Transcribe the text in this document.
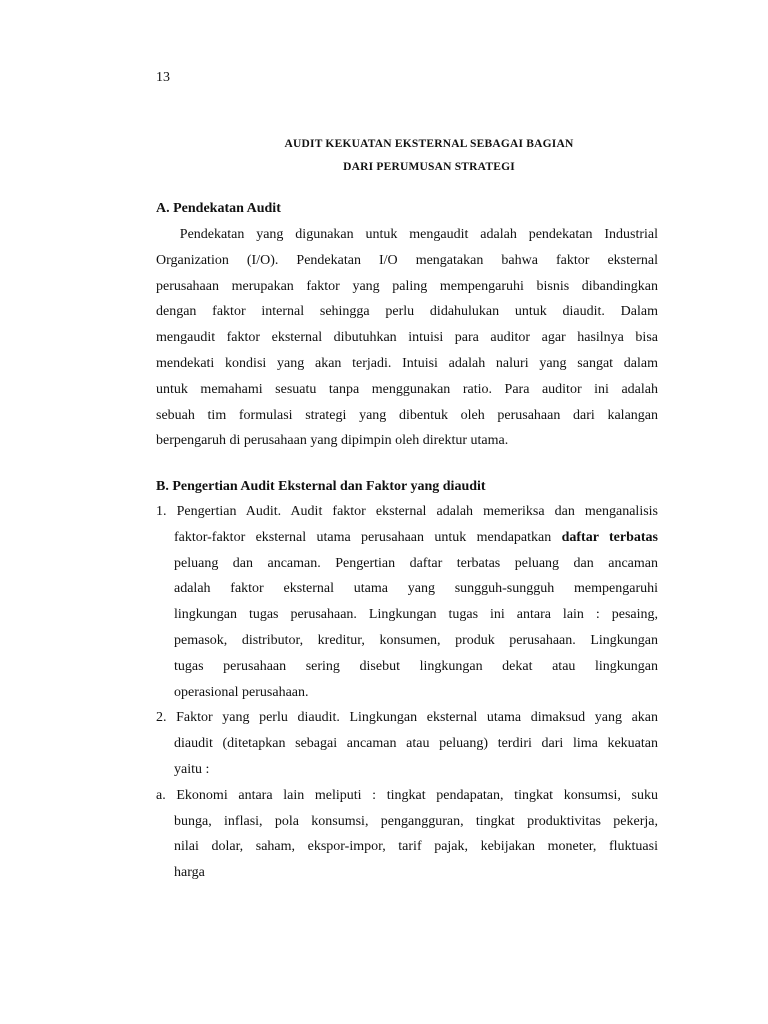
13
AUDIT KEKUATAN EKSTERNAL SEBAGAI BAGIAN
DARI PERUMUSAN STRATEGI
A. Pendekatan Audit
Pendekatan yang digunakan untuk mengaudit adalah pendekatan Industrial
Organization (I/O). Pendekatan I/O mengatakan bahwa faktor eksternal
perusahaan merupakan faktor yang paling mempengaruhi bisnis dibandingkan
dengan faktor internal sehingga perlu didahulukan untuk diaudit. Dalam
mengaudit faktor eksternal dibutuhkan intuisi para auditor agar hasilnya bisa
mendekati kondisi yang akan terjadi. Intuisi adalah naluri yang sangat dalam
untuk memahami sesuatu tanpa menggunakan ratio. Para auditor ini adalah
sebuah tim formulasi strategi yang dibentuk oleh perusahaan dari kalangan
berpengaruh di perusahaan yang dipimpin oleh direktur utama.
B. Pengertian Audit Eksternal dan Faktor yang diaudit
1. Pengertian Audit. Audit faktor eksternal adalah memeriksa dan menganalisis
faktor-faktor eksternal utama perusahaan untuk mendapatkan daftar terbatas
peluang dan ancaman. Pengertian daftar terbatas peluang dan ancaman
adalah faktor eksternal utama yang sungguh-sungguh mempengaruhi
lingkungan tugas perusahaan. Lingkungan tugas ini antara lain : pesaing,
pemasok, distributor, kreditur, konsumen, produk perusahaan. Lingkungan
tugas perusahaan sering disebut lingkungan dekat atau lingkungan
operasional perusahaan.
2. Faktor yang perlu diaudit. Lingkungan eksternal utama dimaksud yang akan
diaudit (ditetapkan sebagai ancaman atau peluang) terdiri dari lima kekuatan
yaitu :
a. Ekonomi antara lain meliputi : tingkat pendapatan, tingkat konsumsi, suku
bunga, inflasi, pola konsumsi, pengangguran, tingkat produktivitas pekerja,
nilai dolar, saham, ekspor-impor, tarif pajak, kebijakan moneter, fluktuasi
harga
